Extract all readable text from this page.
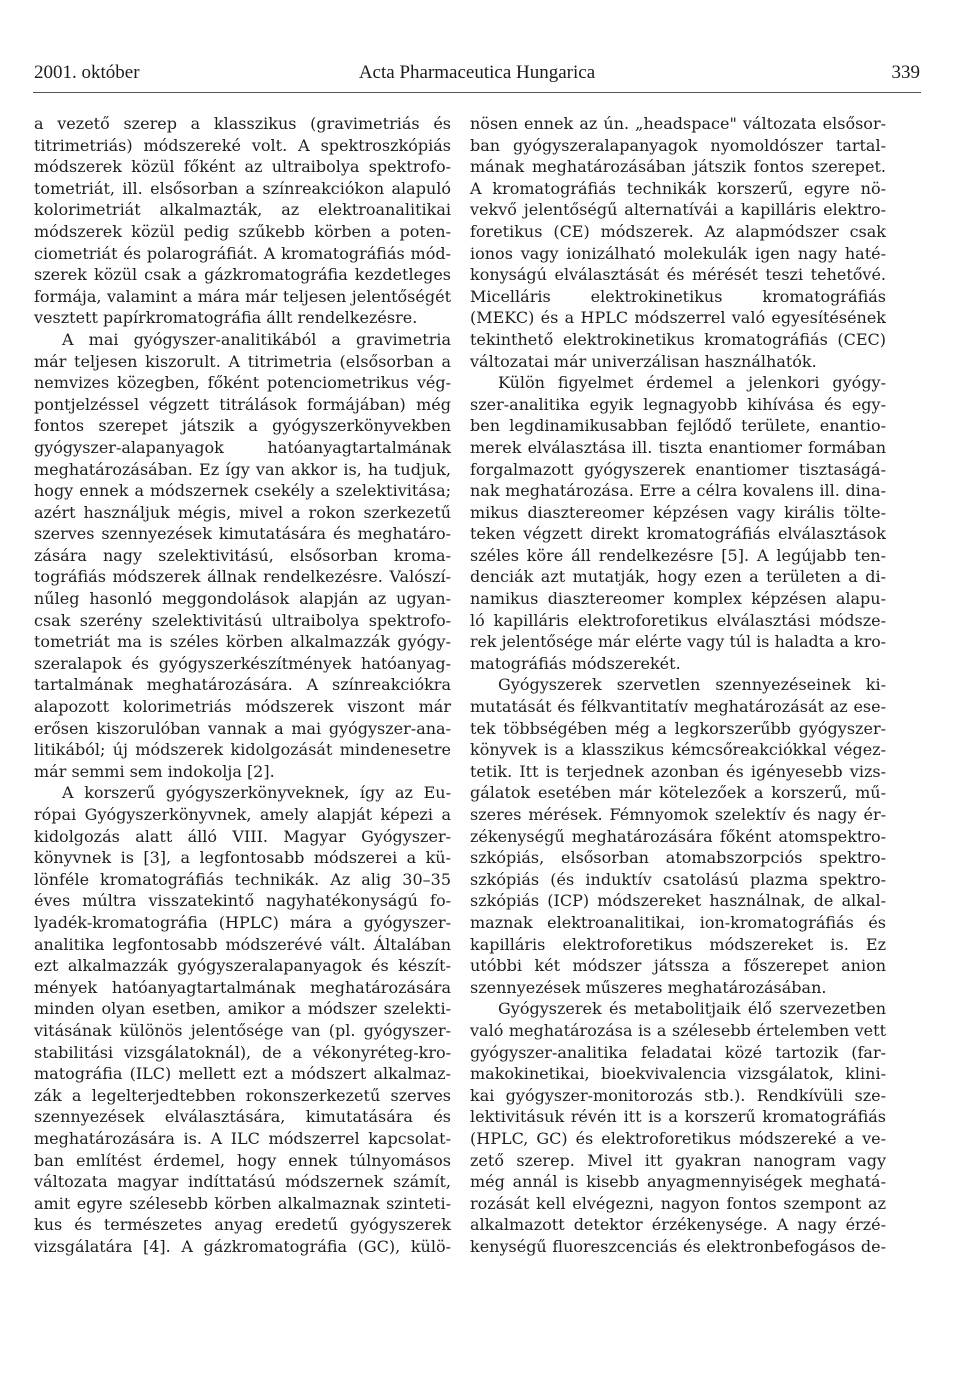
2001. október	Acta Pharmaceutica Hungarica	339
a vezető szerep a klasszikus (gravimetriás és
titrimetriás) módszereké volt. A spektroszkópiás
módszerek közül főként az ultraibolya spektrofo-
tometriát, ill. elsősorban a színreakciókon alapuló
kolorimetriát alkalmazták, az elektroanalitikai
módszerek közül pedig szűkebb körben a poten-
ciometriát és polarográfiát. A kromatográfiás mód-
szerek közül csak a gázkromatográfia kezdetleges
formája, valamint a mára már teljesen jelentőségét
vesztett papírkromatográfia állt rendelkezésre.
A mai gyógyszer-analitikából a gravimetria
már teljesen kiszorult. A titrimetria (elsősorban a
nemvizes közegben, főként potenciometrikus vég-
pontjelzéssel végzett titrálások formájában) még
fontos szerepet játszik a gyógyszerkönyvekben
gyógyszer-alapanyagok hatóanyagtartalmának
meghatározásában. Ez így van akkor is, ha tudjuk,
hogy ennek a módszernek csekély a szelektivitása;
azért használjuk mégis, mivel a rokon szerkezetű
szerves szennyezések kimutatására és meghatáro-
zására nagy szelektivitású, elsősorban kroma-
tográfiás módszerek állnak rendelkezésre. Valószí-
nűleg hasonló meggondolások alapján az ugyan-
csak szerény szelektivitású ultraibolya spektrofo-
tometriát ma is széles körben alkalmazzák gyógy-
szeralapok és gyógyszerkészítmények hatóanyag-
tartalmának meghatározására. A színreakciókra
alapozott kolorimetriás módszerek viszont már
erősen kiszorulóban vannak a mai gyógyszer-ana-
litikából; új módszerek kidolgozását mindenesetre
már semmi sem indokolja [2].
A korszerű gyógyszerkönyveknek, így az Eu-
rópai Gyógyszerkönyvnek, amely alapját képezi a
kidolgozás alatt álló VIII. Magyar Gyógyszer-
könyvnek is [3], a legfontosabb módszerei a kü-
lönféle kromatográfiás technikák. Az alig 30–35
éves múltra visszatekintő nagyhatékonyságú fo-
lyadék-kromatográfia (HPLC) mára a gyógyszer-
analitika legfontosabb módszerévé vált. Általában
ezt alkalmazzák gyógyszeralapanyagok és készít-
mények hatóanyagtartalmának meghatározására
minden olyan esetben, amikor a módszer szelekti-
vitásának különös jelentősége van (pl. gyógyszer-
stabilitási vizsgálatoknál), de a vékonyréteg-kro-
matográfia (ILC) mellett ezt a módszert alkalmaz-
zák a legelterjedtebben rokonszerkezetű szerves
szennyezések elválasztására, kimutatására és
meghatározására is. A ILC módszerrel kapcsolat-
ban említést érdemel, hogy ennek túlnyomásos
változata magyar indíttatású módszernek számít,
amit egyre szélesebb körben alkalmaznak szinteti-
kus és természetes anyag eredetű gyógyszerek
vizsgálatára [4]. A gázkromatográfia (GC), külö-
nösen ennek az ún. „headspace" változata elsősor-
ban gyógyszeralapanyagok nyomoldószer tartal-
mának meghatározásában játszik fontos szerepet.
A kromatográfiás technikák korszerű, egyre nö-
vekvő jelentőségű alternatívái a kapilláris elektro-
foretikus (CE) módszerek. Az alapmódszer csak
ionos vagy ionizálható molekulák igen nagy haté-
konyságú elválasztását és mérését teszi tehetővé.
Micelláris elektrokinetikus kromatográfiás
(MEKC) és a HPLC módszerrel való egyesítésének
tekinthető elektrokinetikus kromatográfiás (CEC)
változatai már univerzálisan használhatók.
Külön figyelmet érdemel a jelenkori gyógy-
szer-analitika egyik legnagyobb kihívása és egy-
ben legdinamikusabban fejlődő területe, enantio-
merek elválasztása ill. tiszta enantiomer formában
forgalmazott gyógyszerek enantiomer tisztaságá-
nak meghatározása. Erre a célra kovalens ill. dina-
mikus diasztereomer képzésen vagy királis tölte-
teken végzett direkt kromatográfiás elválasztások
széles köre áll rendelkezésre [5]. A legújabb ten-
denciák azt mutatják, hogy ezen a területen a di-
namikus diasztereomer komplex képzésen alapu-
ló kapilláris elektroforetikus elválasztási módsze-
rek jelentősége már elérte vagy túl is haladta a kro-
matográfiás módszerekét.
Gyógyszerek szervetlen szennyezéseinek ki-
mutatását és félkvantitatív meghatározását az ese-
tek többségében még a legkorszerűbb gyógyszer-
könyvek is a klasszikus kémcsőreakciókkal végez-
tetik. Itt is terjednek azonban és igényesebb vizs-
gálatok esetében már kötelezőek a korszerű, mű-
szeres mérések. Fémnyomok szelektív és nagy ér-
zékenységű meghatározására főként atomspektro-
szkópiás, elsősorban atomabszorpciós spektro-
szkópiás (és induktív csatolású plazma spektro-
szkópiás (ICP) módszereket használnak, de alkal-
maznak elektroanalitikai, ion-kromatográfiás és
kapilláris elektroforetikus módszereket is. Ez
utóbbi két módszer játssza a főszerepet anion
szennyezések műszeres meghatározásában.
Gyógyszerek és metabolitjaik élő szervezetben
való meghatározása is a szélesebb értelemben vett
gyógyszer-analitika feladatai közé tartozik (far-
makokinetikai, bioekvivalencia vizsgálatok, klini-
kai gyógyszer-monitorozás stb.). Rendkívüli sze-
lektivitásuk révén itt is a korszerű kromatográfiás
(HPLC, GC) és elektroforetikus módszereké a ve-
zető szerep. Mivel itt gyakran nanogram vagy
még annál is kisebb anyagmennyiségek meghatá-
rozását kell elvégezni, nagyon fontos szempont az
alkalmazott detektor érzékenysége. A nagy érzé-
kenységű fluoreszcenciás és elektronbefogásos de-
